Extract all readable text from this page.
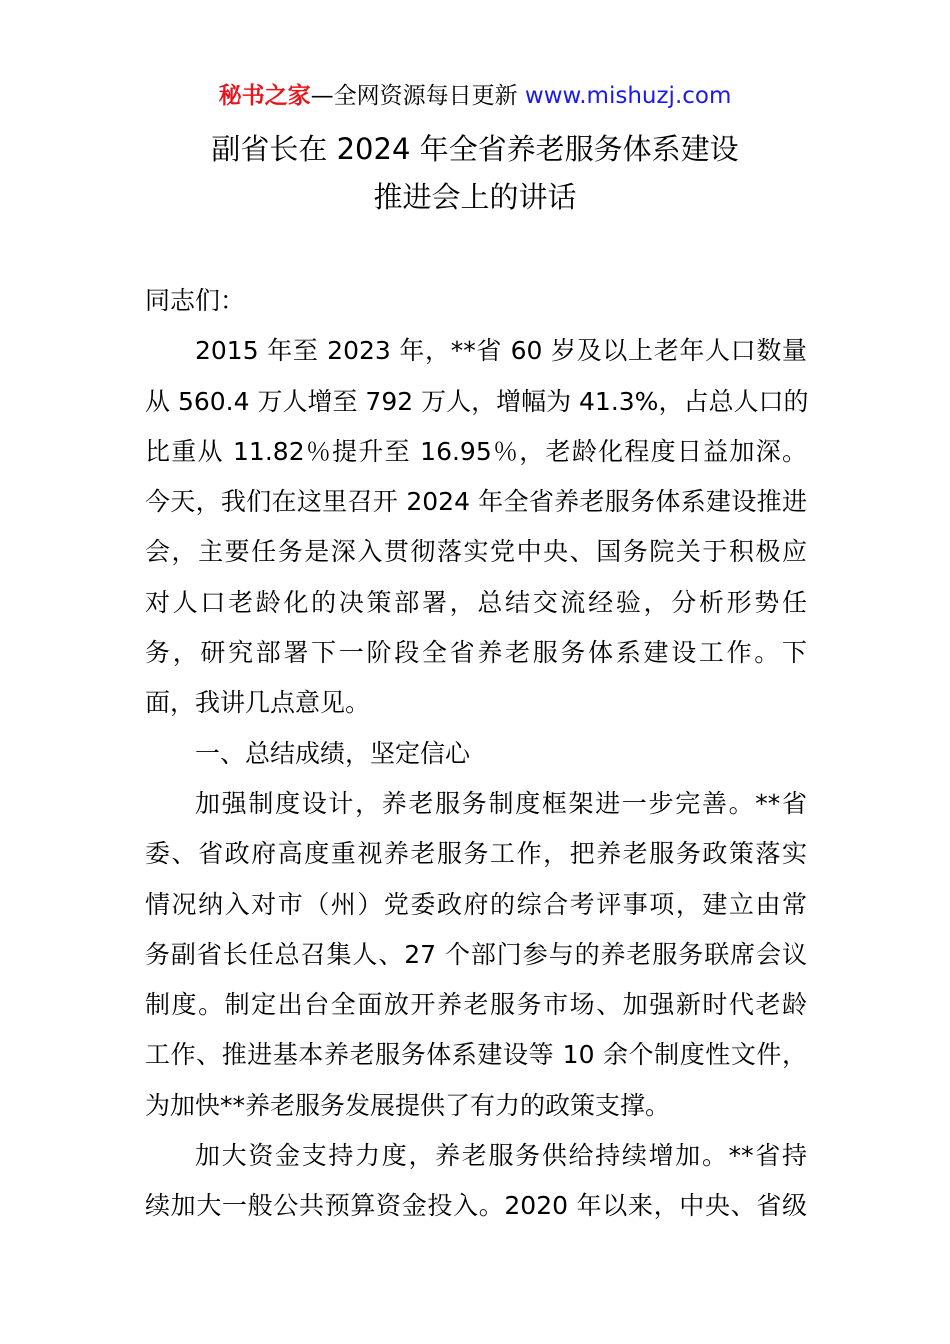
秘书之家—全网资源每日更新 www.mishuzj.com
副省长在 2024 年全省养老服务体系建设
推进会上的讲话
同志们：
2015 年至 2023 年，**省 60 岁及以上老年人口数量
从 560.4 万人增至 792 万人，增幅为 41.3%，占总人口的
比重从 11.82％提升至 16.95％，老龄化程度日益加深。
今天，我们在这里召开 2024 年全省养老服务体系建设推进
会，主要任务是深入贯彻落实党中央、国务院关于积极应
对人口老龄化的决策部署，总结交流经验，分析形势任
务，研究部署下一阶段全省养老服务体系建设工作。下
面，我讲几点意见。
一、总结成绩，坚定信心
加强制度设计，养老服务制度框架进一步完善。**省
委、省政府高度重视养老服务工作，把养老服务政策落实
情况纳入对市（州）党委政府的综合考评事项，建立由常
务副省长任总召集人、27 个部门参与的养老服务联席会议
制度。制定出台全面放开养老服务市场、加强新时代老龄
工作、推进基本养老服务体系建设等 10 余个制度性文件，
为加快**养老服务发展提供了有力的政策支撑。
加大资金支持力度，养老服务供给持续增加。**省持
续加大一般公共预算资金投入。2020 年以来，中央、省级
